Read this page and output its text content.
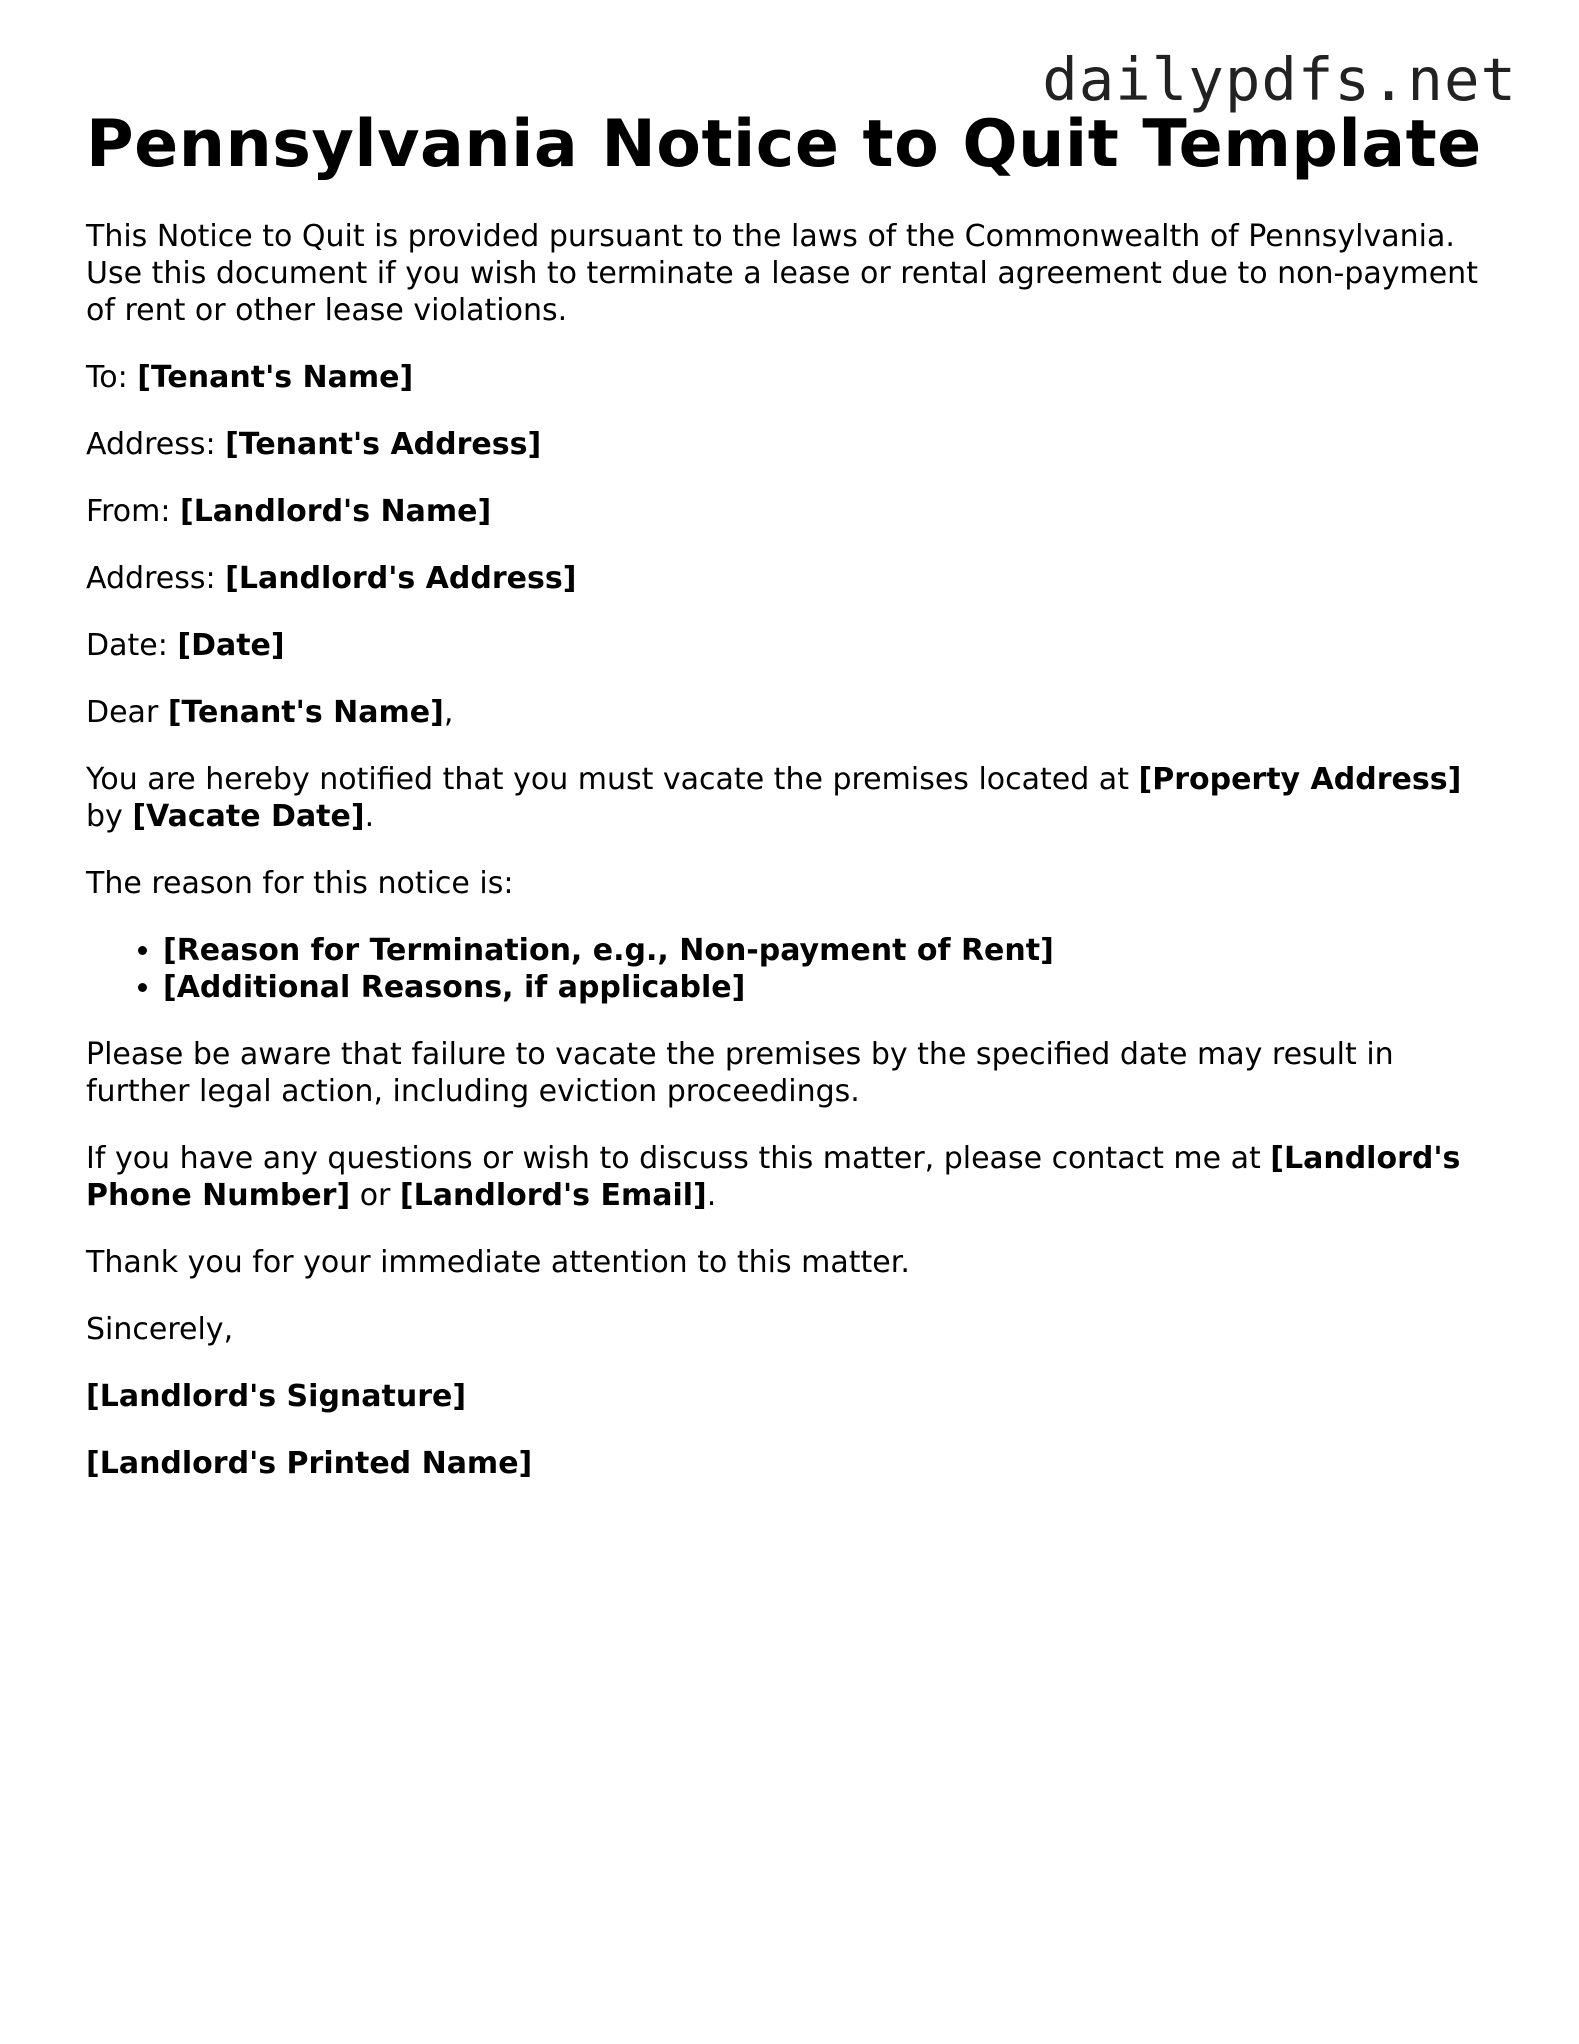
dailypdfs.net
Pennsylvania Notice to Quit Template

This Notice to Quit is provided pursuant to the laws of the Commonwealth of Pennsylvania. Use this document if you wish to terminate a lease or rental agreement due to non-payment of rent or other lease violations.

To: [Tenant's Name]

Address: [Tenant's Address]

From: [Landlord's Name]

Address: [Landlord's Address]

Date: [Date]

Dear [Tenant's Name],

You are hereby notified that you must vacate the premises located at [Property Address] by [Vacate Date].

The reason for this notice is:

• [Reason for Termination, e.g., Non-payment of Rent]
• [Additional Reasons, if applicable]

Please be aware that failure to vacate the premises by the specified date may result in further legal action, including eviction proceedings.

If you have any questions or wish to discuss this matter, please contact me at [Landlord's Phone Number] or [Landlord's Email].

Thank you for your immediate attention to this matter.

Sincerely,

[Landlord's Signature]

[Landlord's Printed Name]
